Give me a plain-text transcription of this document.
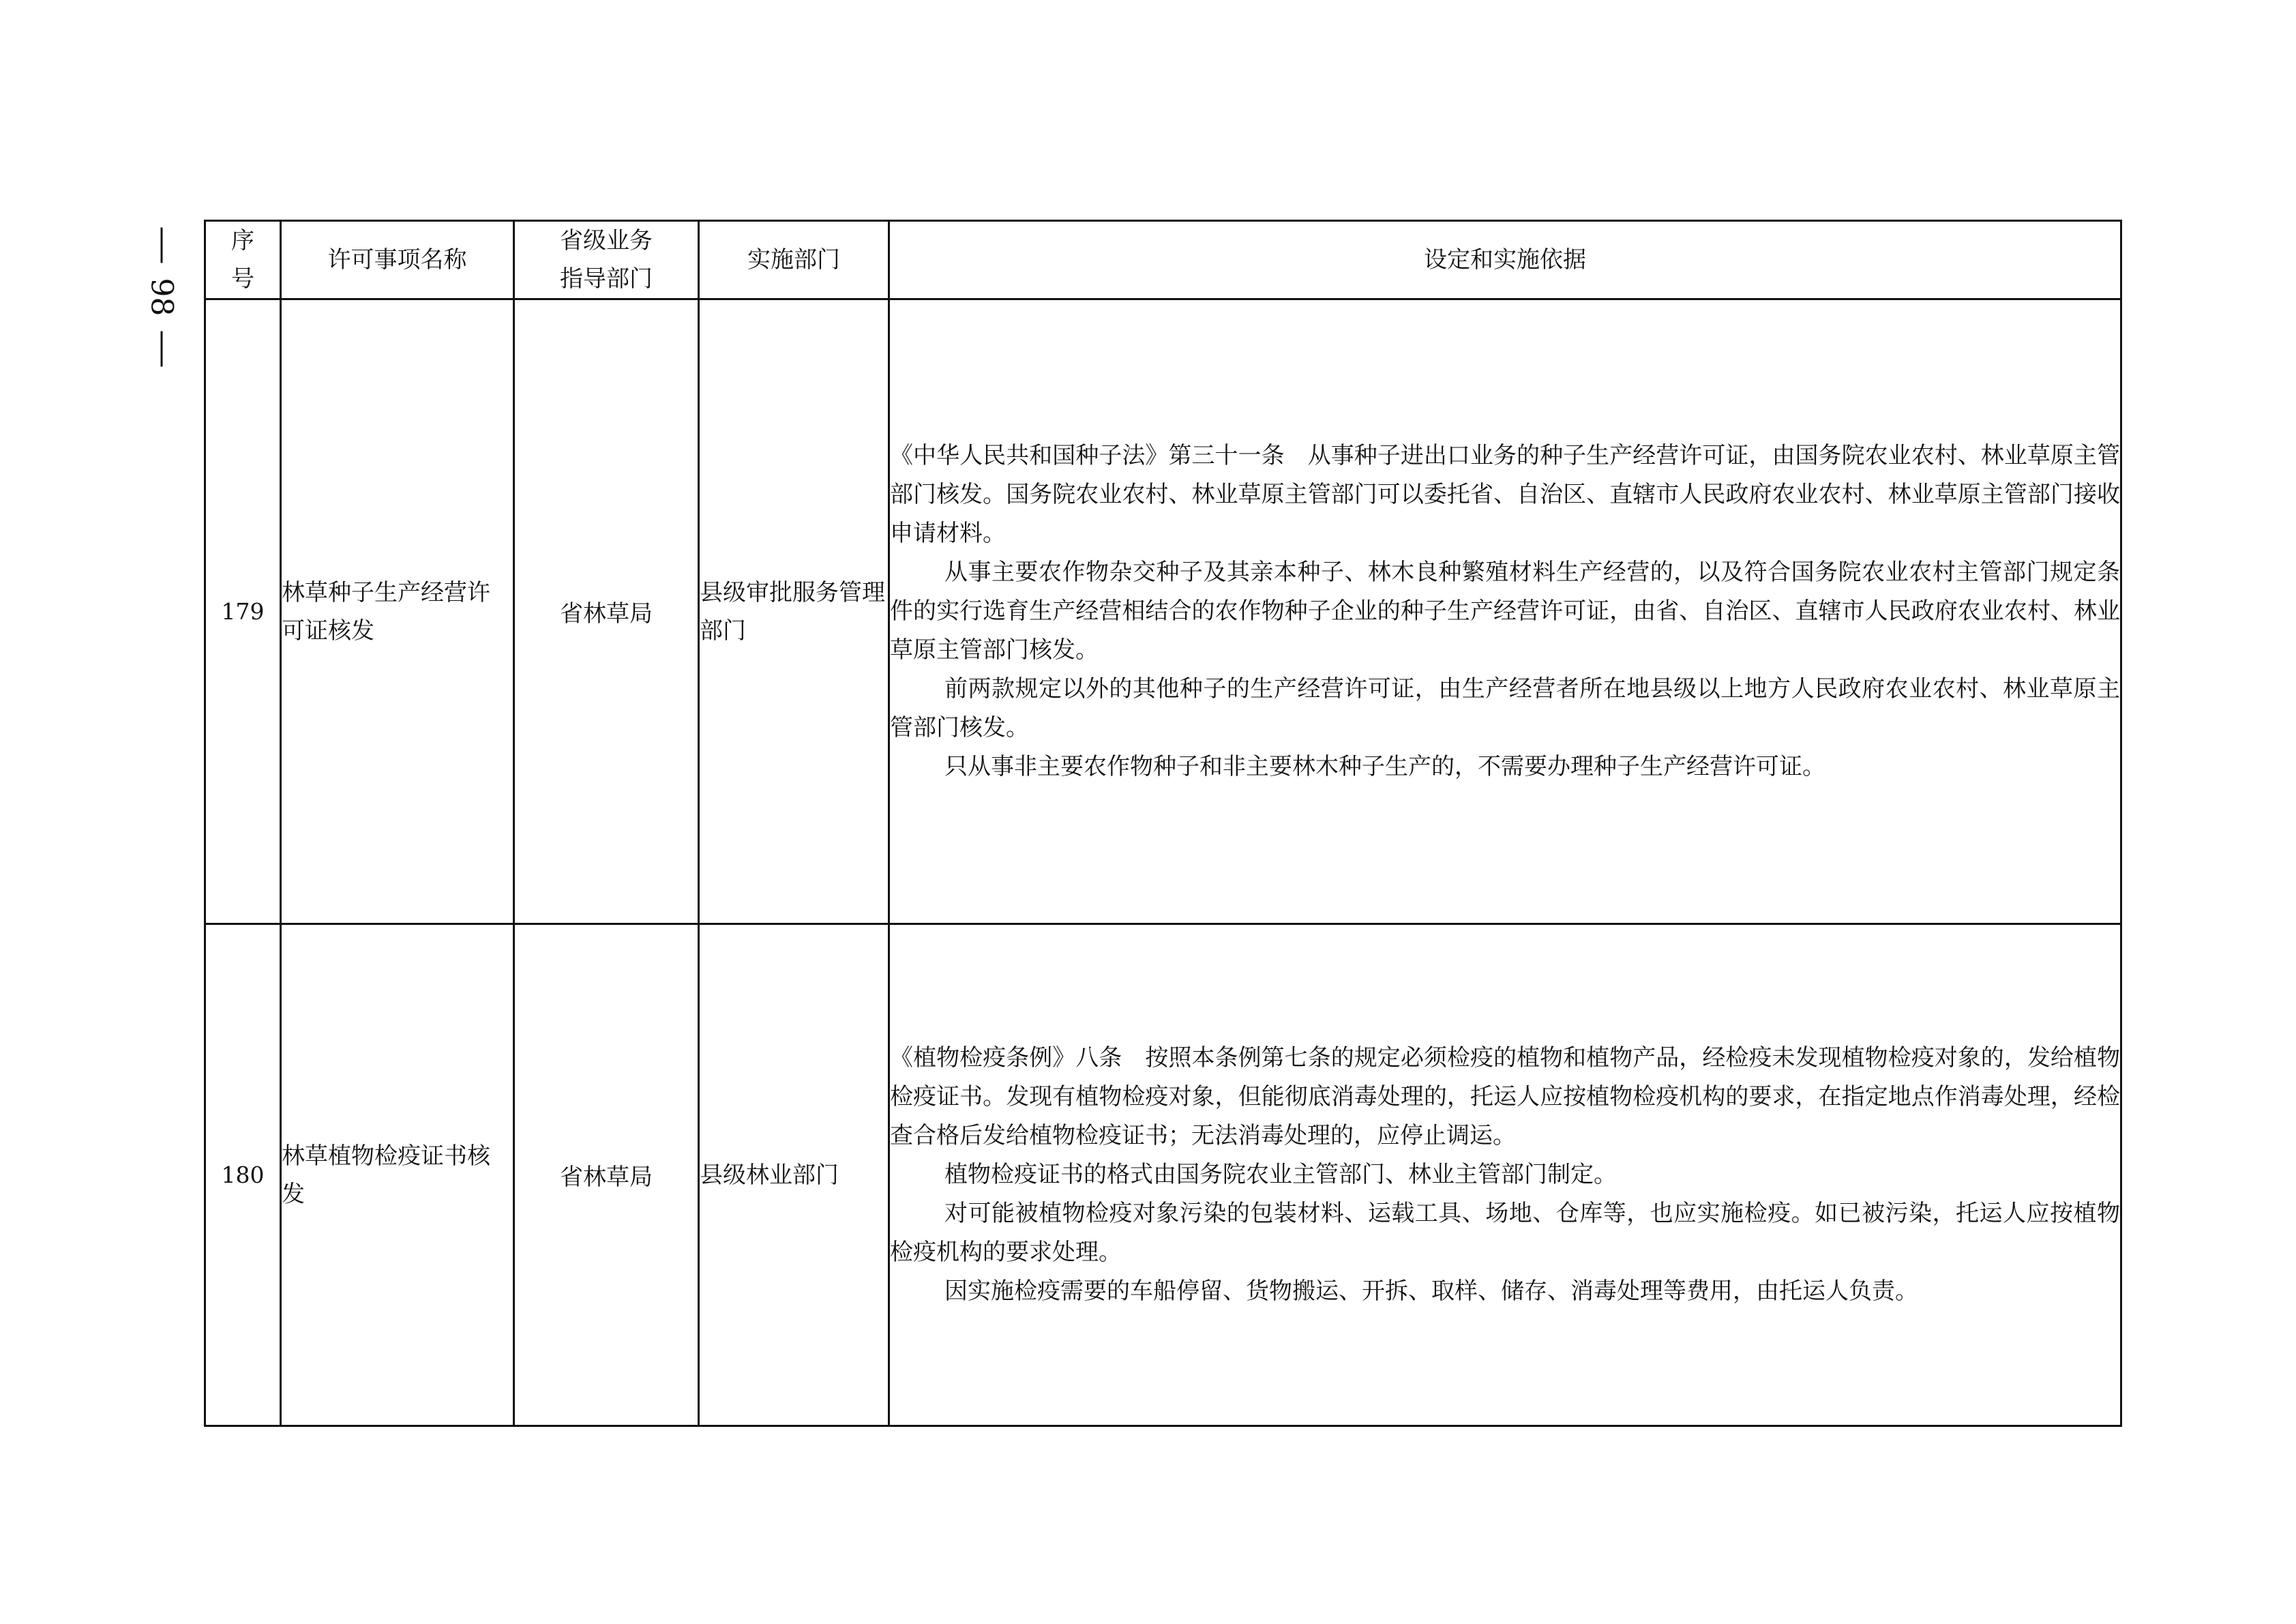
98
序号	许可事项名称	省级业务指导部门	实施部门	设定和实施依据
179	林草种子生产经营许可证核发	省林草局	县级审批服务管理部门	《中华人民共和国种子法》第三十一条　从事种子进出口业务的种子生产经营许可证，由国务院农业农村、林业草原主管部门核发。国务院农业农村、林业草原主管部门可以委托省、自治区、直辖市人民政府农业农村、林业草原主管部门接收申请材料。

从事主要农作物杂交种子及其亲本种子、林木良种繁殖材料生产经营的，以及符合国务院农业农村主管部门规定条件的实行选育生产经营相结合的农作物种子企业的种子生产经营许可证，由省、自治区、直辖市人民政府农业农村、林业草原主管部门核发。

前两款规定以外的其他种子的生产经营许可证，由生产经营者所在地县级以上地方人民政府农业农村、林业草原主管部门核发。

只从事非主要农作物种子和非主要林木种子生产的，不需要办理种子生产经营许可证。

180	林草植物检疫证书核发	省林草局	县级林业部门	《植物检疫条例》八条　按照本条例第七条的规定必须检疫的植物和植物产品，经检疫未发现植物检疫对象的，发给植物检疫证书。发现有植物检疫对象，但能彻底消毒处理的，托运人应按植物检疫机构的要求，在指定地点作消毒处理，经检查合格后发给植物检疫证书；无法消毒处理的，应停止调运。

植物检疫证书的格式由国务院农业主管部门、林业主管部门制定。

对可能被植物检疫对象污染的包装材料、运载工具、场地、仓库等，也应实施检疫。如已被污染，托运人应按植物检疫机构的要求处理。

因实施检疫需要的车船停留、货物搬运、开拆、取样、储存、消毒处理等费用，由托运人负责。
